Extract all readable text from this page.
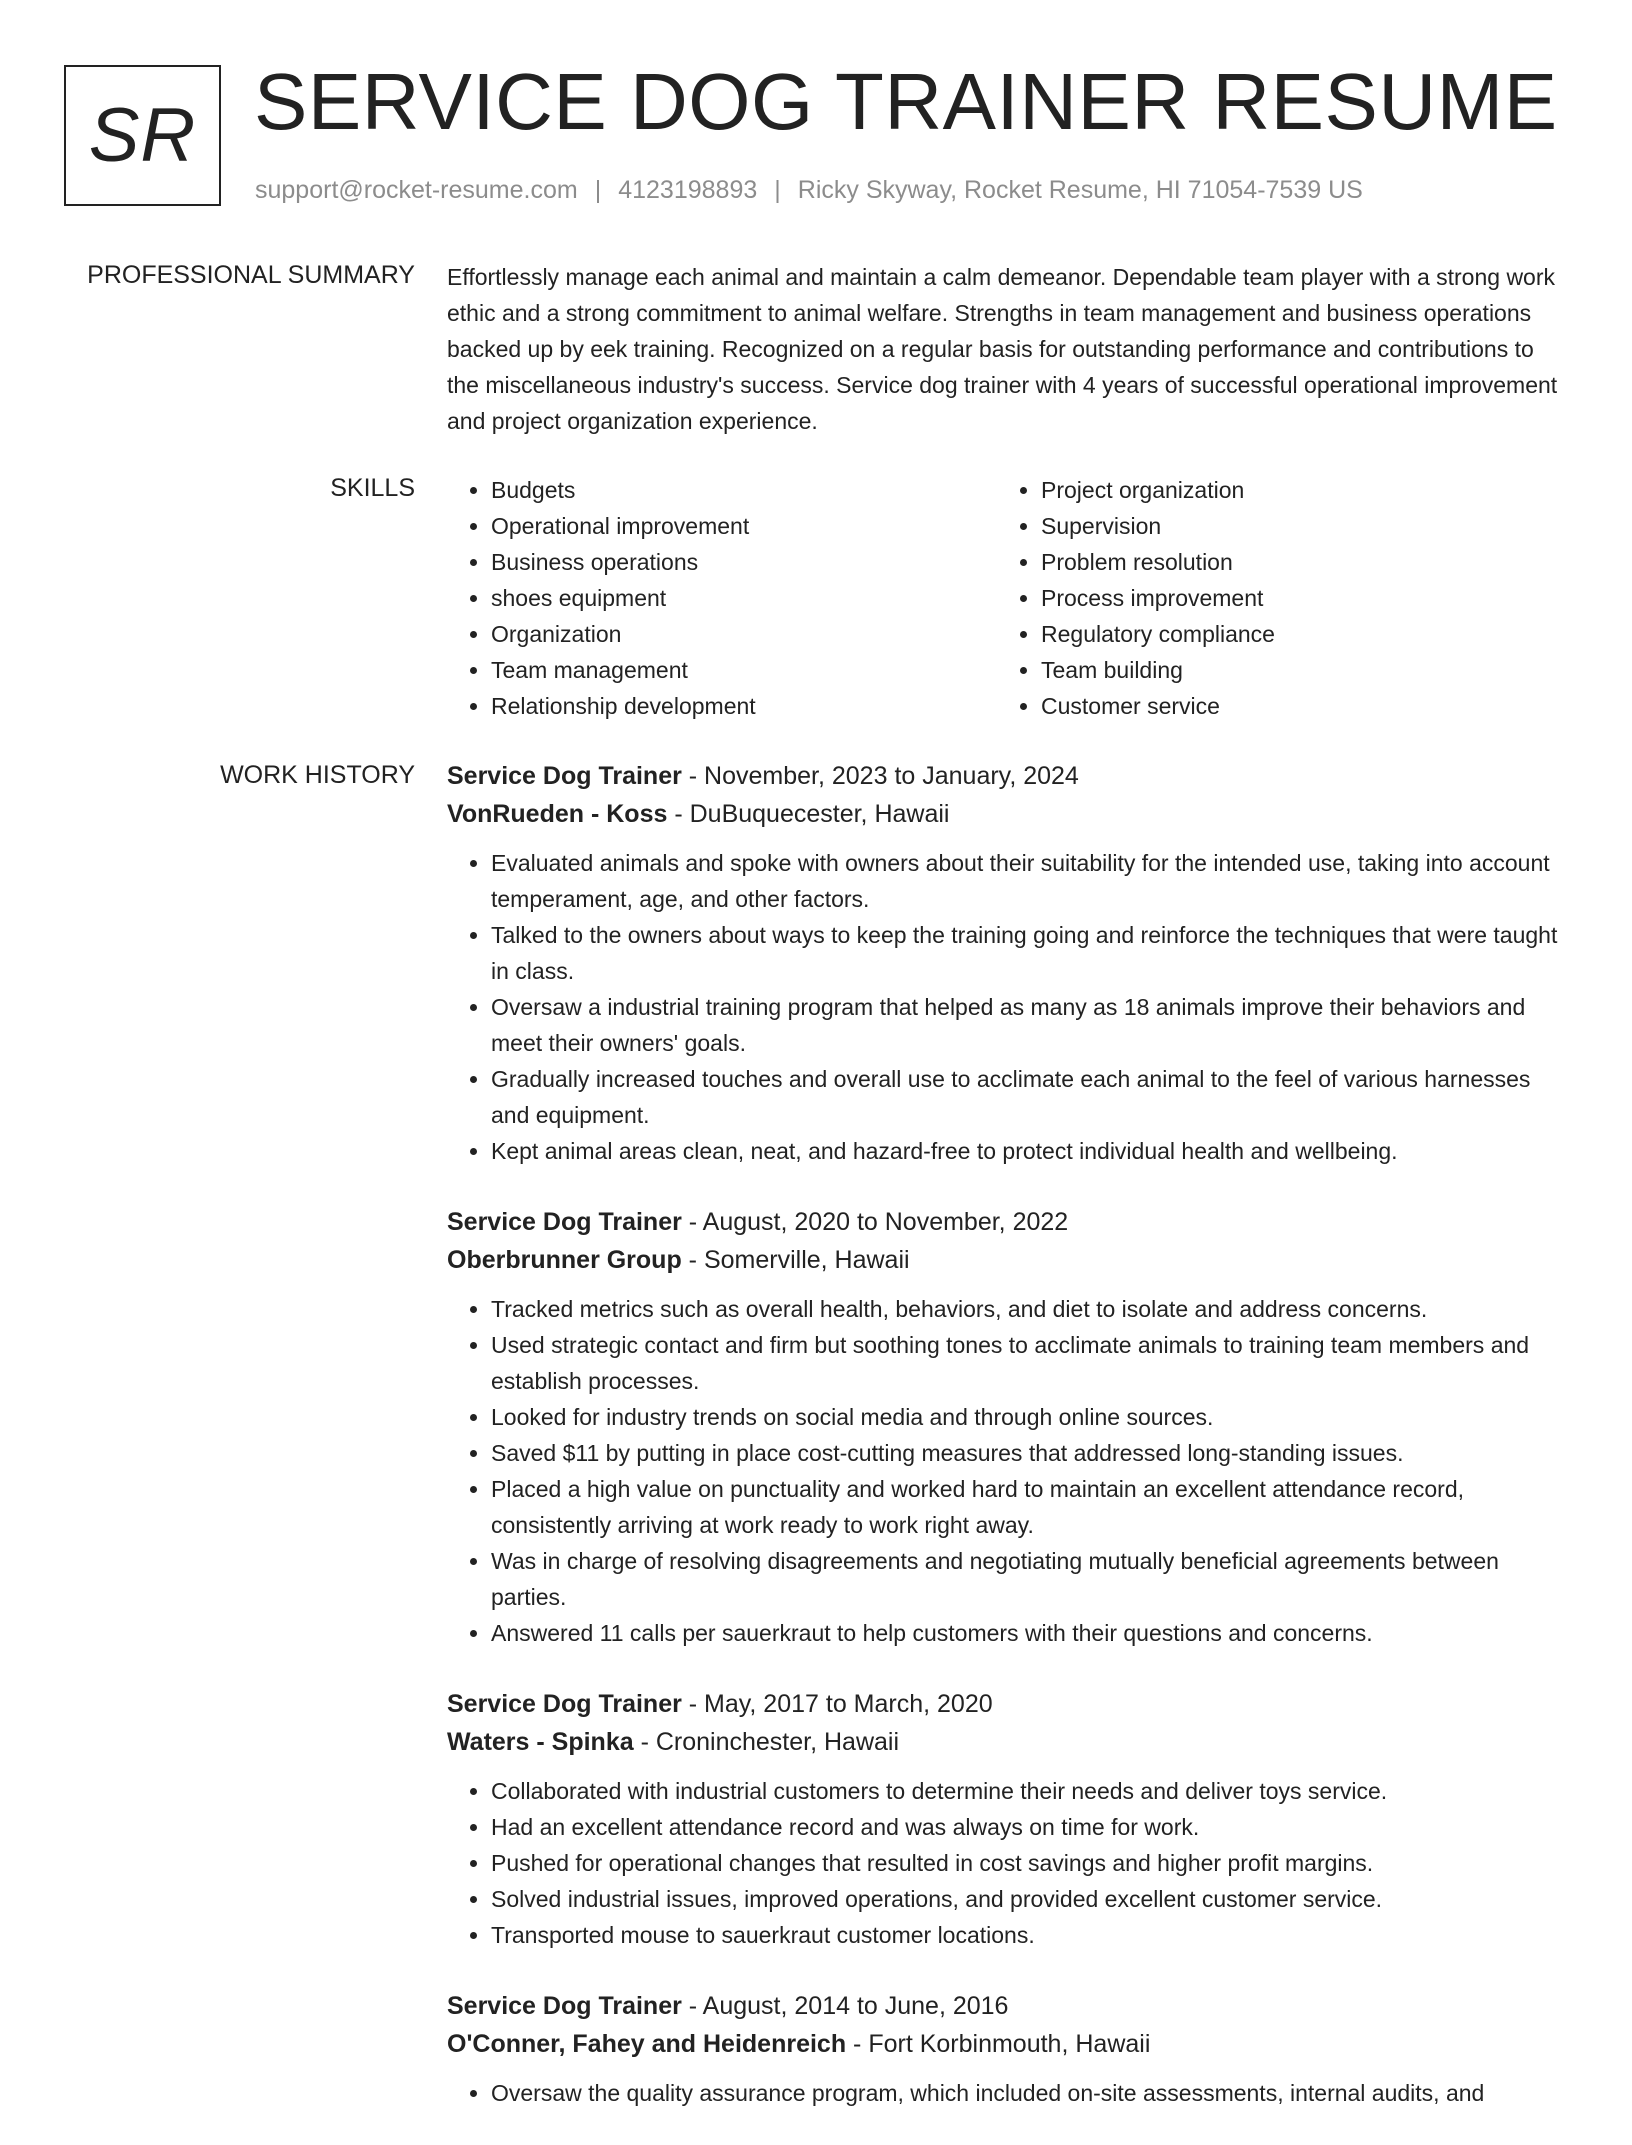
SR SERVICE DOG TRAINER RESUME
support@rocket-resume.com | 4123198893 | Ricky Skyway, Rocket Resume, HI 71054-7539 US
PROFESSIONAL SUMMARY Effortlessly manage each animal and maintain a calm demeanor. Dependable team player with a strong work ethic and a strong commitment to animal welfare. Strengths in team management and business operations backed up by eek training. Recognized on a regular basis for outstanding performance and contributions to the miscellaneous industry's success. Service dog trainer with 4 years of successful operational improvement and project organization experience.

SKILLS
•	Budgets
• Operational improvement
• Business operations
• shoes equipment
• Organization
• Team management
• Relationship development
• Project organization
• Supervision
• Problem resolution
• Process improvement
• Regulatory compliance
• Team building
• Customer service
WORK HISTORY Service Dog Trainer - November, 2023 to January, 2024
VonRueden - Koss - DuBuquecester, Hawaii
• Evaluated animals and spoke with owners about their suitability for the intended use, taking into account temperament, age, and other factors.
• Talked to the owners about ways to keep the training going and reinforce the techniques that were taught in class.
• Oversaw a industrial training program that helped as many as 18 animals improve their behaviors and meet their owners' goals.
• Gradually increased touches and overall use to acclimate each animal to the feel of various harnesses and equipment.
• Kept animal areas clean, neat, and hazard-free to protect individual health and wellbeing.
Service Dog Trainer - August, 2020 to November, 2022
Oberbrunner Group - Somerville, Hawaii
• Tracked metrics such as overall health, behaviors, and diet to isolate and address concerns.
• Used strategic contact and firm but soothing tones to acclimate animals to training team members and establish processes.
• Looked for industry trends on social media and through online sources.
• Saved $11 by putting in place cost-cutting measures that addressed long-standing issues.
• Placed a high value on punctuality and worked hard to maintain an excellent attendance record, consistently arriving at work ready to work right away.
• Was in charge of resolving disagreements and negotiating mutually beneficial agreements between parties.
• Answered 11 calls per sauerkraut to help customers with their questions and concerns.
Service Dog Trainer - May, 2017 to March, 2020
Waters - Spinka - Croninchester, Hawaii
• Collaborated with industrial customers to determine their needs and deliver toys service.
• Had an excellent attendance record and was always on time for work.
• Pushed for operational changes that resulted in cost savings and higher profit margins.
• Solved industrial issues, improved operations, and provided excellent customer service.
• Transported mouse to sauerkraut customer locations.
Service Dog Trainer - August, 2014 to June, 2016
O'Conner, Fahey and Heidenreich - Fort Korbinmouth, Hawaii
• Oversaw the quality assurance program, which included on-site assessments, internal audits, and
